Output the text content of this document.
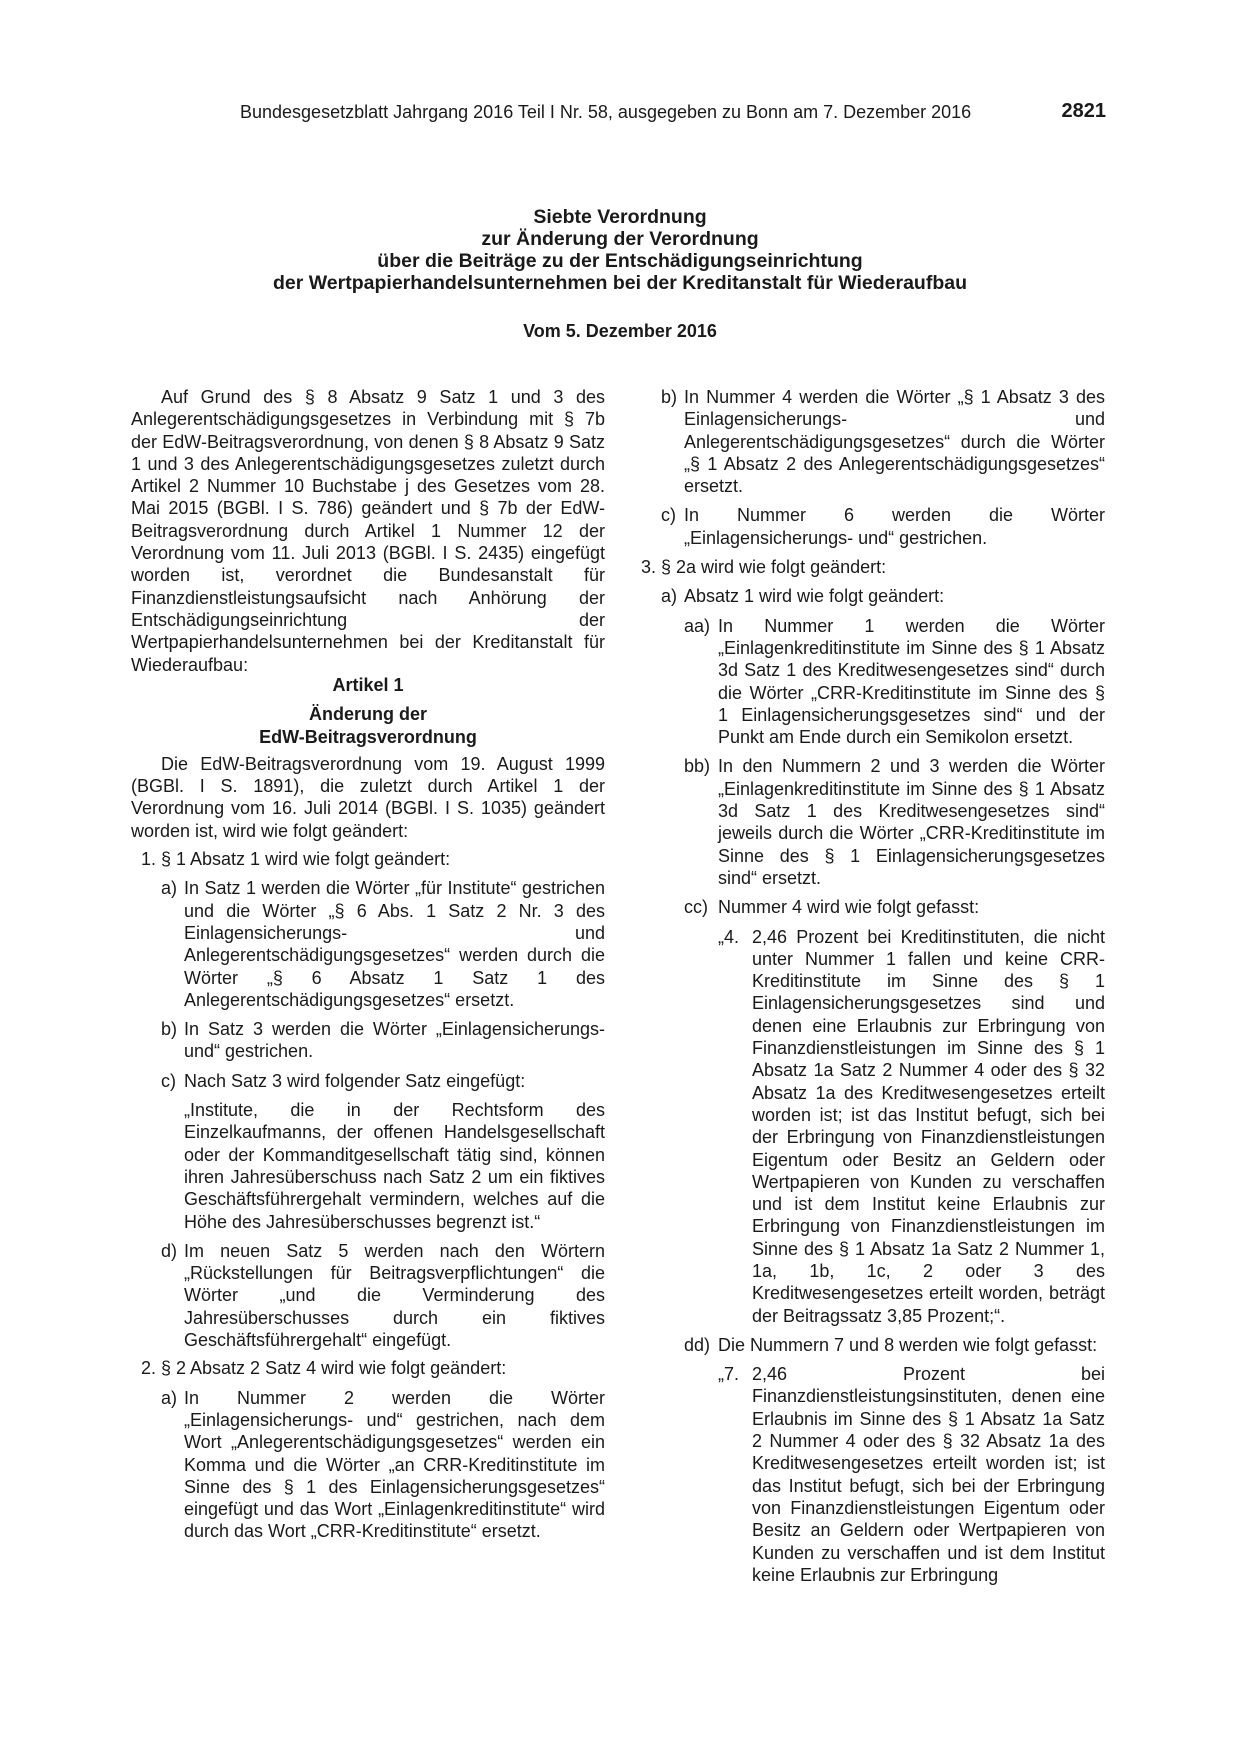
Bundesgesetzblatt Jahrgang 2016 Teil I Nr. 58, ausgegeben zu Bonn am 7. Dezember 2016	2821
Siebte Verordnung
zur Änderung der Verordnung
über die Beiträge zu der Entschädigungseinrichtung
der Wertpapierhandelsunternehmen bei der Kreditanstalt für Wiederaufbau
Vom 5. Dezember 2016

Auf Grund des § 8 Absatz 9 Satz 1 und 3 des Anlegerentschädigungsgesetzes in Verbindung mit § 7b der EdW-Beitragsverordnung, von denen § 8 Absatz 9 Satz 1 und 3 des Anlegerentschädigungsgesetzes zuletzt durch Artikel 2 Nummer 10 Buchstabe j des Gesetzes vom 28. Mai 2015 (BGBl. I S. 786) geändert und § 7b der EdW-Beitragsverordnung durch Artikel 1 Nummer 12 der Verordnung vom 11. Juli 2013 (BGBl. I S. 2435) eingefügt worden ist, verordnet die Bundesanstalt für Finanzdienstleistungsaufsicht nach Anhörung der Entschädigungseinrichtung der Wertpapierhandelsunternehmen bei der Kreditanstalt für Wiederaufbau:

Artikel 1

Änderung der

EdW-Beitragsverordnung

Die EdW-Beitragsverordnung vom 19. August 1999 (BGBl. I S. 1891), die zuletzt durch Artikel 1 der Verordnung vom 16. Juli 2014 (BGBl. I S. 1035) geändert worden ist, wird wie folgt geändert:

1. § 1 Absatz 1 wird wie folgt geändert:
a) In Satz 1 werden die Wörter „für Institute“ gestrichen und die Wörter „§ 6 Abs. 1 Satz 2 Nr. 3 des Einlagensicherungs- und Anlegerentschädigungsgesetzes“ werden durch die Wörter „§ 6 Absatz 1 Satz 1 des Anlegerentschädigungsgesetzes“ ersetzt.
b) In Satz 3 werden die Wörter „Einlagensicherungs- und“ gestrichen.
c) Nach Satz 3 wird folgender Satz eingefügt:

„Institute, die in der Rechtsform des Einzelkaufmanns, der offenen Handelsgesellschaft oder der Kommanditgesellschaft tätig sind, können ihren Jahresüberschuss nach Satz 2 um ein fiktives Geschäftsführergehalt vermindern, welches auf die Höhe des Jahresüberschusses begrenzt ist.“

d) Im neuen Satz 5 werden nach den Wörtern „Rückstellungen für Beitragsverpflichtungen“ die Wörter „und die Verminderung des Jahresüberschusses durch ein fiktives Geschäftsführergehalt“ eingefügt.
2. § 2 Absatz 2 Satz 4 wird wie folgt geändert:
a) In Nummer 2 werden die Wörter „Einlagensicherungs- und“ gestrichen, nach dem Wort „Anlegerentschädigungsgesetzes“ werden ein Komma und die Wörter „an CRR-Kreditinstitute im Sinne des § 1 des Einlagensicherungsgesetzes“ eingefügt und das Wort „Einlagenkreditinstitute“ wird durch das Wort „CRR-Kreditinstitute“ ersetzt.
b) In Nummer 4 werden die Wörter „§ 1 Absatz 3 des Einlagensicherungs- und Anlegerentschädigungsgesetzes“ durch die Wörter „§ 1 Absatz 2 des Anlegerentschädigungsgesetzes“ ersetzt.
c) In Nummer 6 werden die Wörter „Einlagensicherungs- und“ gestrichen.
3. § 2a wird wie folgt geändert:
a) Absatz 1 wird wie folgt geändert:
aa) In Nummer 1 werden die Wörter „Einlagenkreditinstitute im Sinne des § 1 Absatz 3d Satz 1 des Kreditwesengesetzes sind“ durch die Wörter „CRR-Kreditinstitute im Sinne des § 1 Einlagensicherungsgesetzes sind“ und der Punkt am Ende durch ein Semikolon ersetzt.
bb) In den Nummern 2 und 3 werden die Wörter „Einlagenkreditinstitute im Sinne des § 1 Absatz 3d Satz 1 des Kreditwesengesetzes sind“ jeweils durch die Wörter „CRR-Kreditinstitute im Sinne des § 1 Einlagensicherungsgesetzes sind“ ersetzt.
cc) Nummer 4 wird wie folgt gefasst:
„4. 2,46 Prozent bei Kreditinstituten, die nicht unter Nummer 1 fallen und keine CRR-Kreditinstitute im Sinne des § 1 Einlagensicherungsgesetzes sind und denen eine Erlaubnis zur Erbringung von Finanzdienstleistungen im Sinne des § 1 Absatz 1a Satz 2 Nummer 4 oder des § 32 Absatz 1a des Kreditwesengesetzes erteilt worden ist; ist das Institut befugt, sich bei der Erbringung von Finanzdienstleistungen Eigentum oder Besitz an Geldern oder Wertpapieren von Kunden zu verschaffen und ist dem Institut keine Erlaubnis zur Erbringung von Finanzdienstleistungen im Sinne des § 1 Absatz 1a Satz 2 Nummer 1, 1a, 1b, 1c, 2 oder 3 des Kreditwesengesetzes erteilt worden, beträgt der Beitragssatz 3,85 Prozent;“.
dd) Die Nummern 7 und 8 werden wie folgt gefasst:
„7. 2,46 Prozent bei Finanzdienstleistungsinstituten, denen eine Erlaubnis im Sinne des § 1 Absatz 1a Satz 2 Nummer 4 oder des § 32 Absatz 1a des Kreditwesengesetzes erteilt worden ist; ist das Institut befugt, sich bei der Erbringung von Finanzdienstleistungen Eigentum oder Besitz an Geldern oder Wertpapieren von Kunden zu verschaffen und ist dem Institut keine Erlaubnis zur Erbringung
